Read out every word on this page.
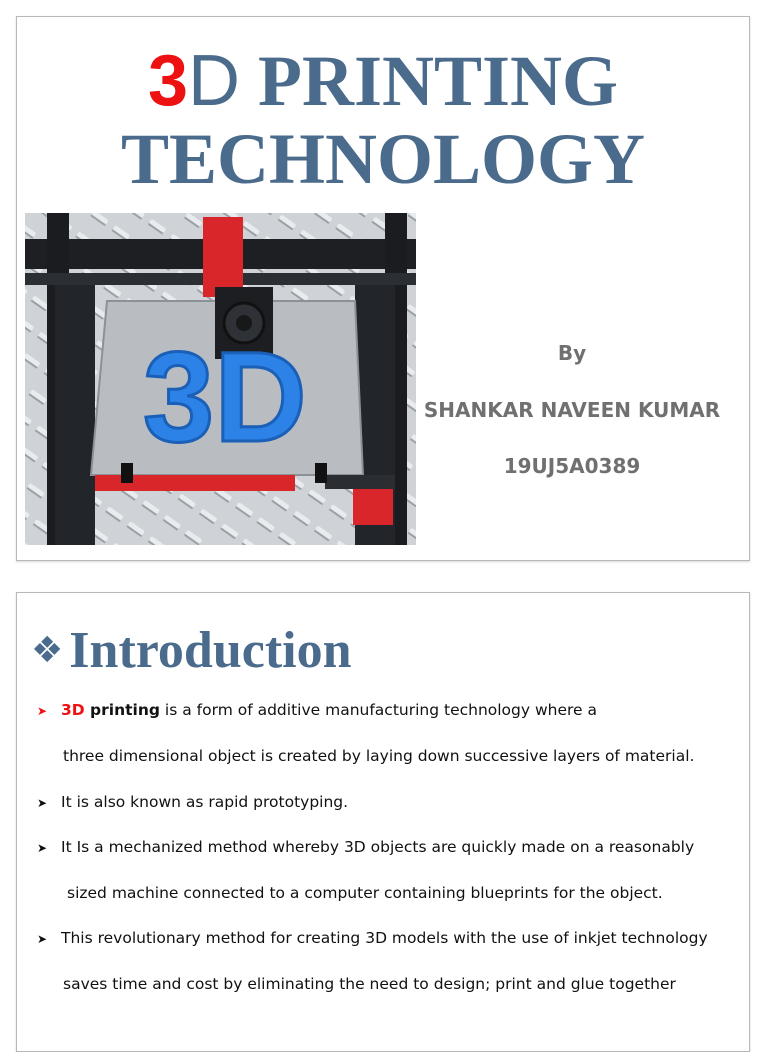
3D PRINTING
TECHNOLOGY
3D	By
SHANKAR NAVEEN KUMAR
19UJ5A0389
❖ Introduction
➤ 3D printing is a form of additive manufacturing technology where a
three dimensional object is created by laying down successive layers of material.
➤ It is also known as rapid prototyping.
➤ It Is a mechanized method whereby 3D objects are quickly made on a reasonably
sized machine connected to a computer containing blueprints for the object.
➤ This revolutionary method for creating 3D models with the use of inkjet technology
saves time and cost by eliminating the need to design; print and glue together
